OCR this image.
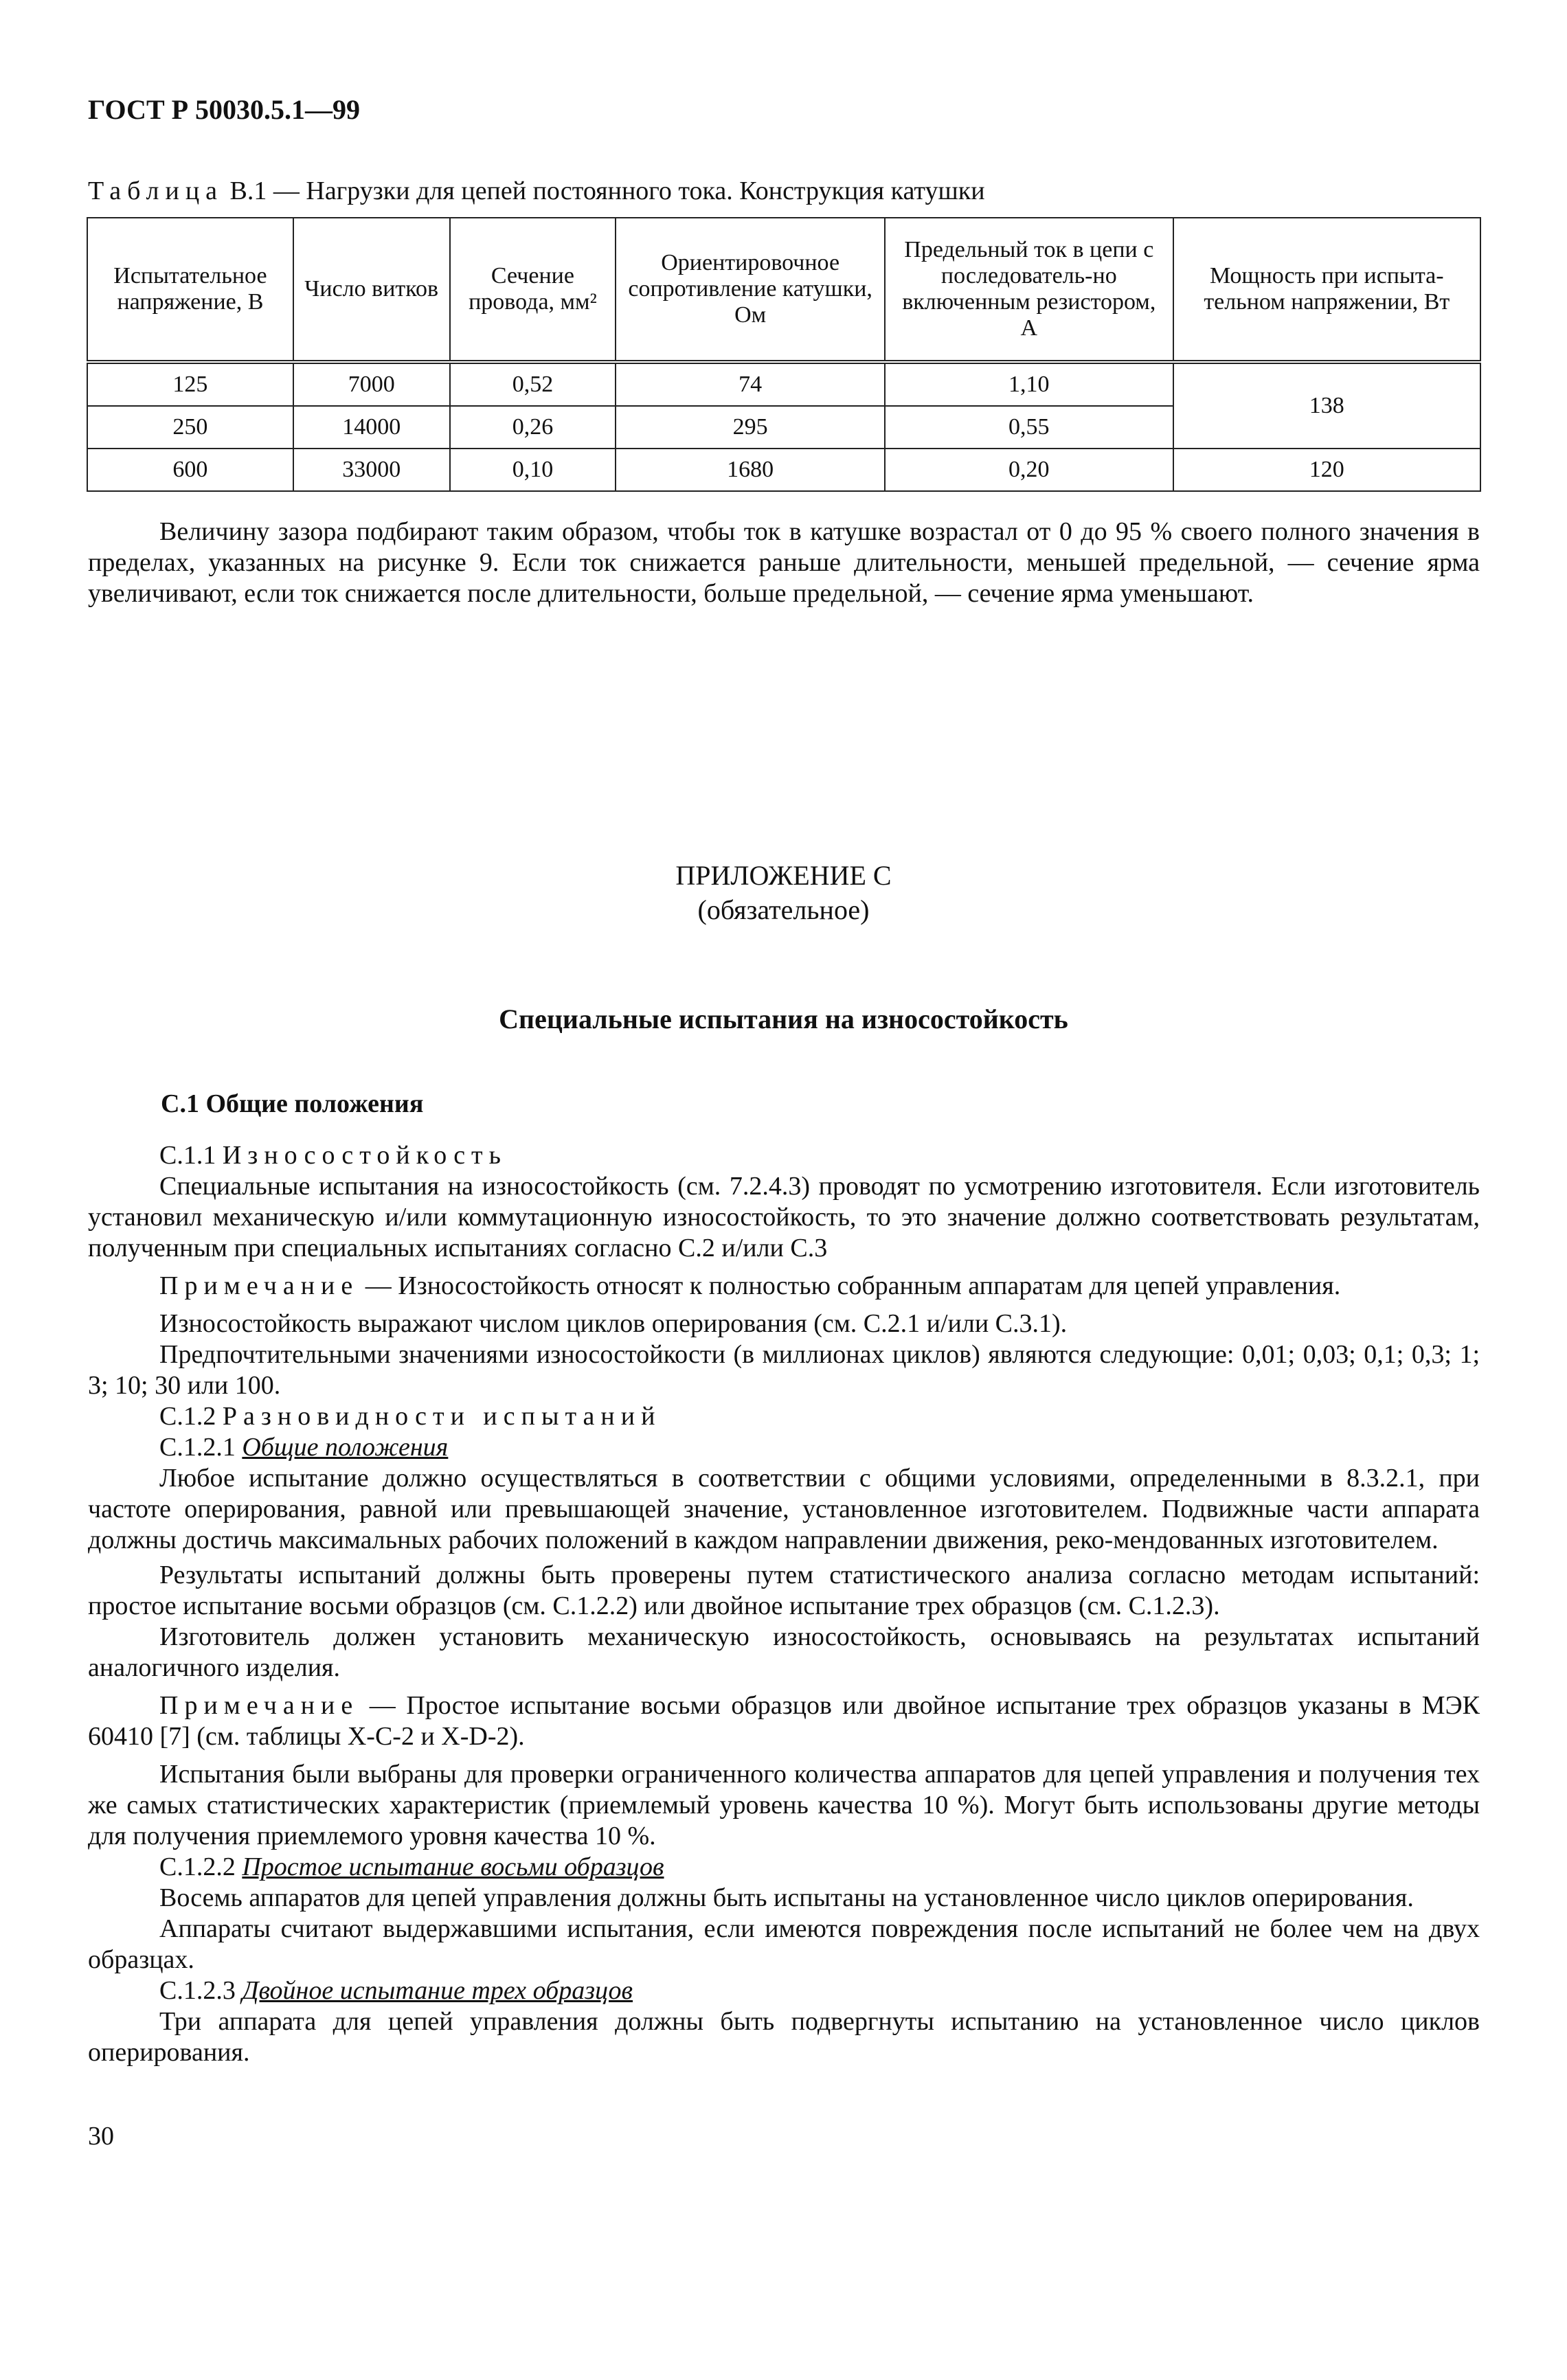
ГОСТ Р 50030.5.1—99
Таблица В.1 — Нагрузки для цепей постоянного тока. Конструкция катушки
Испытательное напряжение, В	Число витков	Сечение провода, мм²	Ориентировочное сопротивление катушки, Ом	Предельный ток в цепи с последователь-но включенным резистором, А	Мощность при испыта-тельном напряжении, Вт
125	7000	0,52	74	1,10	138
250	14000	0,26	295	0,55	
600	33000	0,10	1680	0,20	120

Величину зазора подбирают таким образом, чтобы ток в катушке возрастал от 0 до 95 % своего полного значения в пределах, указанных на рисунке 9. Если ток снижается раньше длительности, меньшей предельной, — сечение ярма увеличивают, если ток снижается после длительности, больше предельной, — сечение ярма уменьшают.

ПРИЛОЖЕНИЕ С
(обязательное)
Специальные испытания на износостойкость
С.1 Общие положения

С.1.1 Износостойкость

Специальные испытания на износостойкость (см. 7.2.4.3) проводят по усмотрению изготовителя. Если изготовитель установил механическую и/или коммутационную износостойкость, то это значение должно соответствовать результатам, полученным при специальных испытаниях согласно С.2 и/или С.3

Примечание — Износостойкость относят к полностью собранным аппаратам для цепей управления.

Износостойкость выражают числом циклов оперирования (см. С.2.1 и/или С.3.1).

Предпочтительными значениями износостойкости (в миллионах циклов) являются следующие: 0,01; 0,03; 0,1; 0,3; 1; 3; 10; 30 или 100.

С.1.2 Разновидности испытаний

С.1.2.1 Общие положения

Любое испытание должно осуществляться в соответствии с общими условиями, определенными в 8.3.2.1, при частоте оперирования, равной или превышающей значение, установленное изготовителем. Подвижные части аппарата должны достичь максимальных рабочих положений в каждом направлении движения, реко-мендованных изготовителем.

Результаты испытаний должны быть проверены путем статистического анализа согласно методам испытаний: простое испытание восьми образцов (см. С.1.2.2) или двойное испытание трех образцов (см. С.1.2.3).

Изготовитель должен установить механическую износостойкость, основываясь на результатах испытаний аналогичного изделия.

Примечание — Простое испытание восьми образцов или двойное испытание трех образцов указаны в МЭК 60410 [7] (см. таблицы X-C-2 и X-D-2).

Испытания были выбраны для проверки ограниченного количества аппаратов для цепей управления и получения тех же самых статистических характеристик (приемлемый уровень качества 10 %). Могут быть использованы другие методы для получения приемлемого уровня качества 10 %.

С.1.2.2 Простое испытание восьми образцов

Восемь аппаратов для цепей управления должны быть испытаны на установленное число циклов оперирования.

Аппараты считают выдержавшими испытания, если имеются повреждения после испытаний не более чем на двух образцах.

С.1.2.3 Двойное испытание трех образцов

Три аппарата для цепей управления должны быть подвергнуты испытанию на установленное число циклов оперирования.

30
